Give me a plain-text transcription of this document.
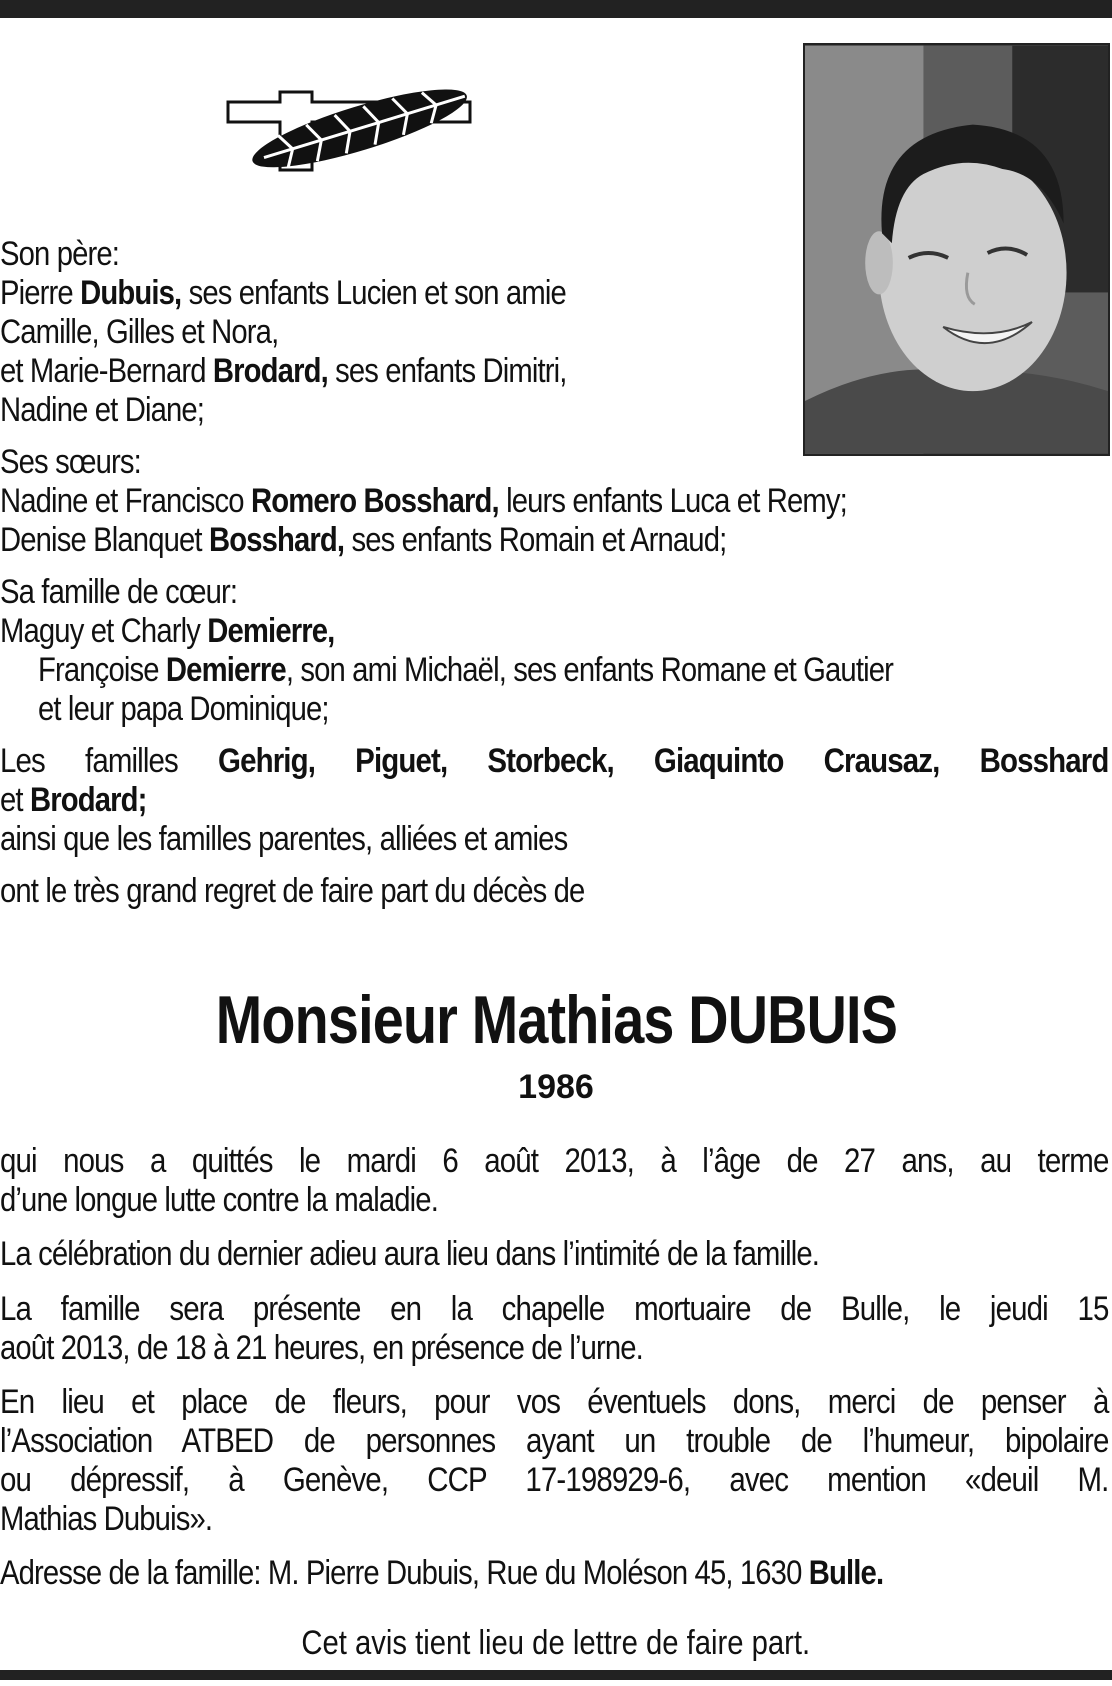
Son père:

Pierre Dubuis, ses enfants Lucien et son amie

Camille, Gilles et Nora,

et Marie-Bernard Brodard, ses enfants Dimitri,

Nadine et Diane;

Ses sœurs:

Nadine et Francisco Romero Bosshard, leurs enfants Luca et Remy;

Denise Blanquet Bosshard, ses enfants Romain et Arnaud;

Sa famille de cœur:

Maguy et Charly Demierre,

Françoise Demierre, son ami Michaël, ses enfants Romane et Gautier

et leur papa Dominique;

Les familles Gehrig, Piguet, Storbeck, Giaquinto Crausaz, Bosshard

et Brodard;

ainsi que les familles parentes, alliées et amies

ont le très grand regret de faire part du décès de

Monsieur Mathias DUBUIS

1986

qui nous a quittés le mardi 6 août 2013, à l’âge de 27 ans, au terme

d’une longue lutte contre la maladie.

La célébration du dernier adieu aura lieu dans l’intimité de la famille.

La famille sera présente en la chapelle mortuaire de Bulle, le jeudi 15

août 2013, de 18 à 21 heures, en présence de l’urne.

En lieu et place de fleurs, pour vos éventuels dons, merci de penser à

l’Association ATBED de personnes ayant un trouble de l’humeur, bipolaire

ou dépressif, à Genève, CCP 17-198929-6, avec mention «deuil M.

Mathias Dubuis».

Adresse de la famille: M. Pierre Dubuis, Rue du Moléson 45, 1630 Bulle.

Cet avis tient lieu de lettre de faire part.
